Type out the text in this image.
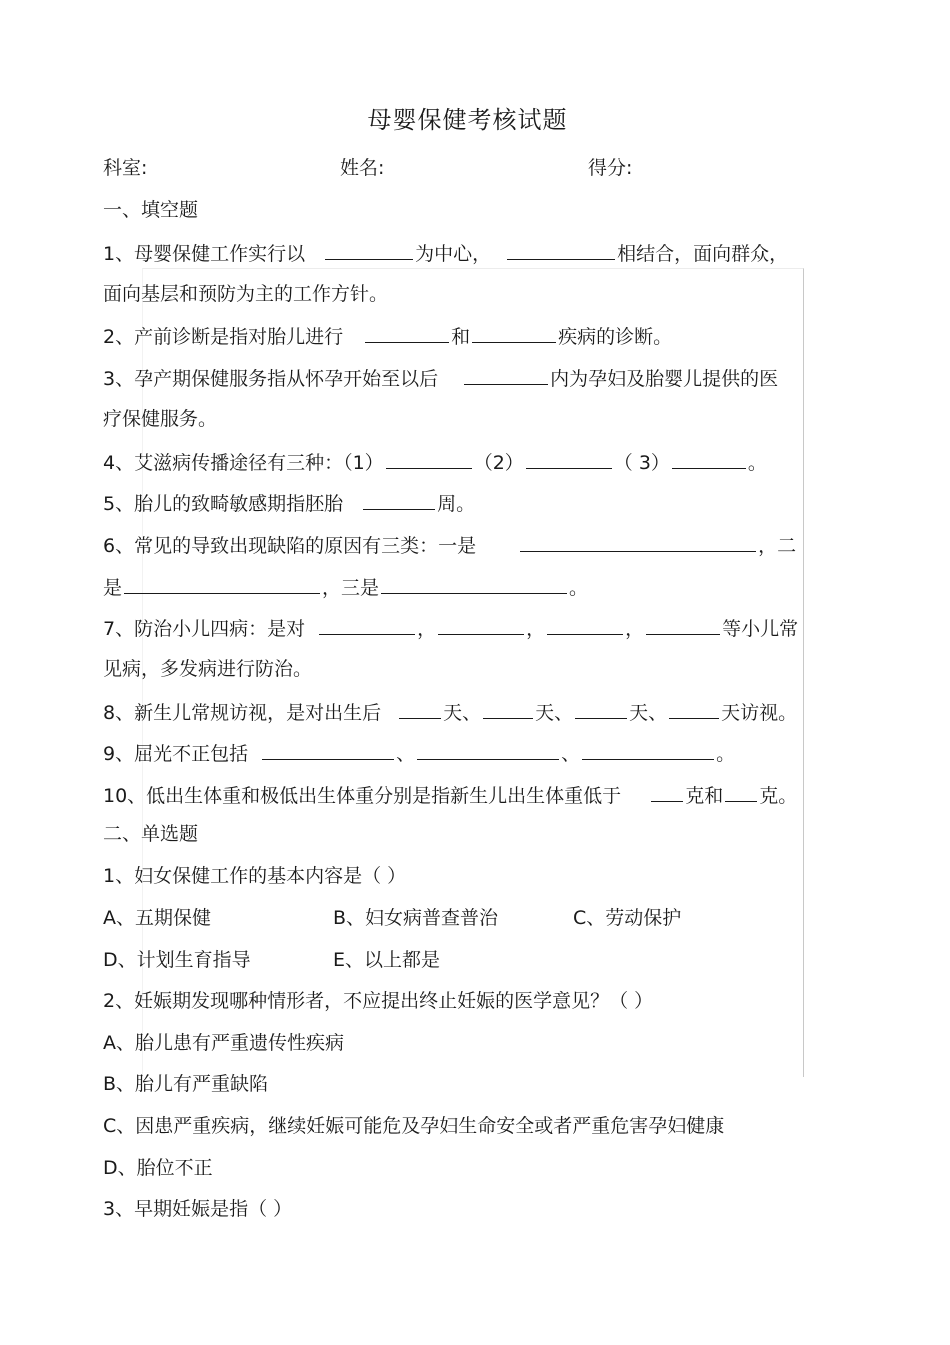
母婴保健考核试题
科室:	姓名:	得分:
一、填空题
1、母婴保健工作实行以	为中心，	相结合，面向群众，
面向基层和预防为主的工作方针。
2、产前诊断是指对胎儿进行	和	疾病的诊断。
3、孕产期保健服务指从怀孕开始至以后	内为孕妇及胎婴儿提供的医
疗保健服务。
4、艾滋病传播途径有三种：（1）	（2）	（ 3）	。
5、胎儿的致畸敏感期指胚胎	周。
6、常见的导致出现缺陷的原因有三类：一是	，二
是	，三是	。
7、防治小儿四病：是对	，	，	，	等小儿常
见病，多发病进行防治。
8、新生儿常规访视，是对出生后	天、	天、	天、	天访视。
9、屈光不正包括	、	、	。
10、低出生体重和极低出生体重分别是指新生儿出生体重低于	克和 克。
二、单选题
1、妇女保健工作的基本内容是（ ）
A、五期保健	B、妇女病普查普治	C、劳动保护
D、计划生育指导	E、以上都是
2、妊娠期发现哪种情形者，不应提出终止妊娠的医学意见？（ ）
A、胎儿患有严重遗传性疾病
B、胎儿有严重缺陷
C、因患严重疾病，继续妊娠可能危及孕妇生命安全或者严重危害孕妇健康
D、胎位不正
3、早期妊娠是指（ ）
